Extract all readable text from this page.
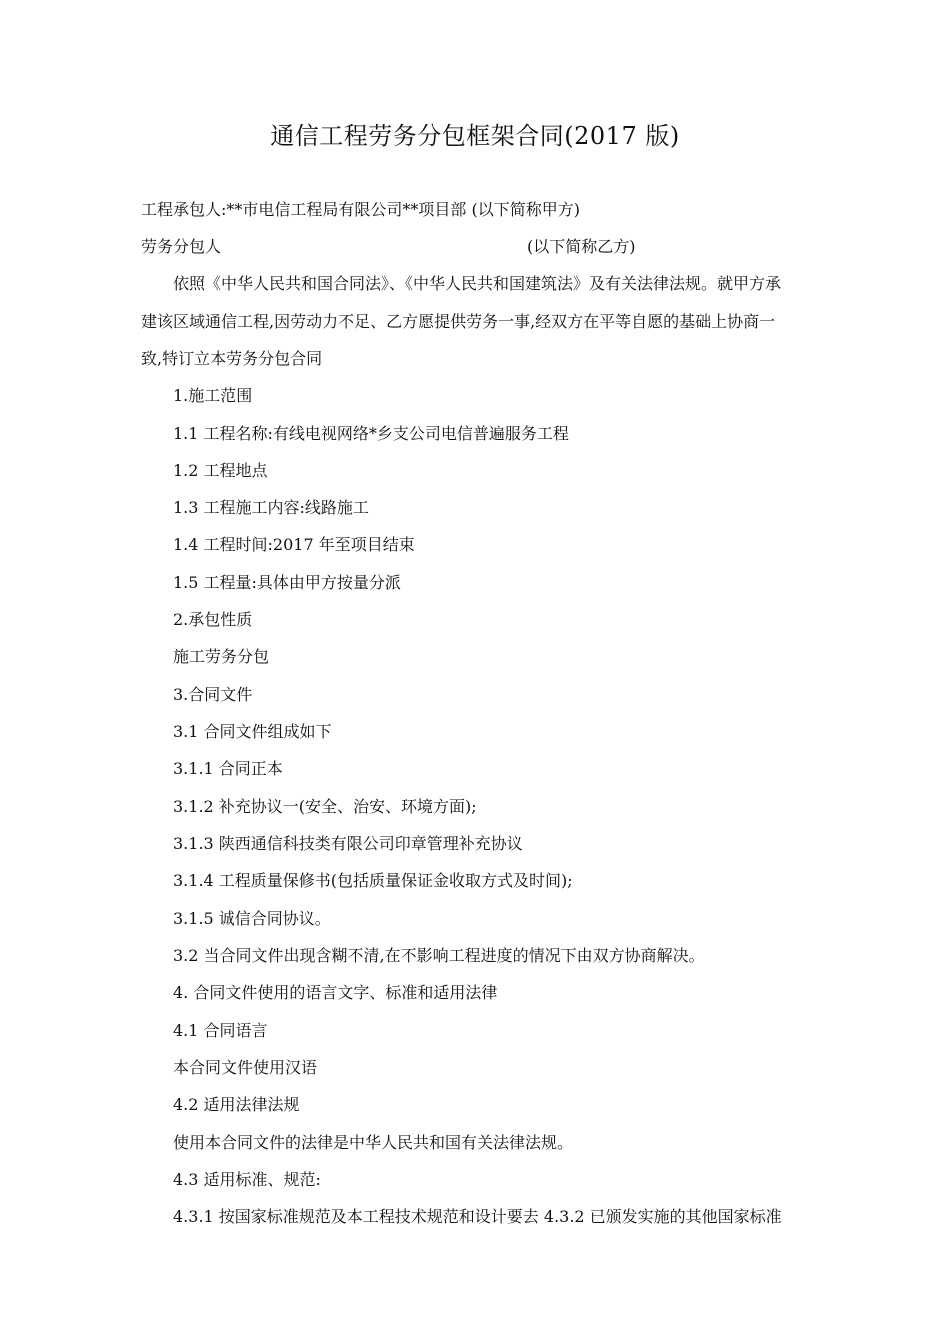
通信工程劳务分包框架合同(2017 版)

工程承包人:**市电信工程局有限公司**项目部 (以下简称甲方)

劳务分包人	(以下简称乙方)

依照《中华人民共和国合同法》、《中华人民共和国建筑法》及有关法律法规。就甲方承

建该区域通信工程,因劳动力不足、乙方愿提供劳务一事,经双方在平等自愿的基础上协商一

致,特订立本劳务分包合同

1.施工范围

1.1 工程名称:有线电视网络*乡支公司电信普遍服务工程

1.2 工程地点

1.3 工程施工内容:线路施工

1.4 工程时间:2017 年至项目结束

1.5 工程量:具体由甲方按量分派

2.承包性质

施工劳务分包

3.合同文件

3.1 合同文件组成如下

3.1.1 合同正本

3.1.2 补充协议一(安全、治安、环境方面);

3.1.3 陕西通信科技类有限公司印章管理补充协议

3.1.4 工程质量保修书(包括质量保证金收取方式及时间);

3.1.5 诚信合同协议。

3.2 当合同文件出现含糊不清,在不影响工程进度的情况下由双方协商解决。

4. 合同文件使用的语言文字、标准和适用法律

4.1 合同语言

本合同文件使用汉语

4.2 适用法律法规

使用本合同文件的法律是中华人民共和国有关法律法规。

4.3 适用标准、规范:

4.3.1 按国家标准规范及本工程技术规范和设计要去 4.3.2 已颁发实施的其他国家标准
